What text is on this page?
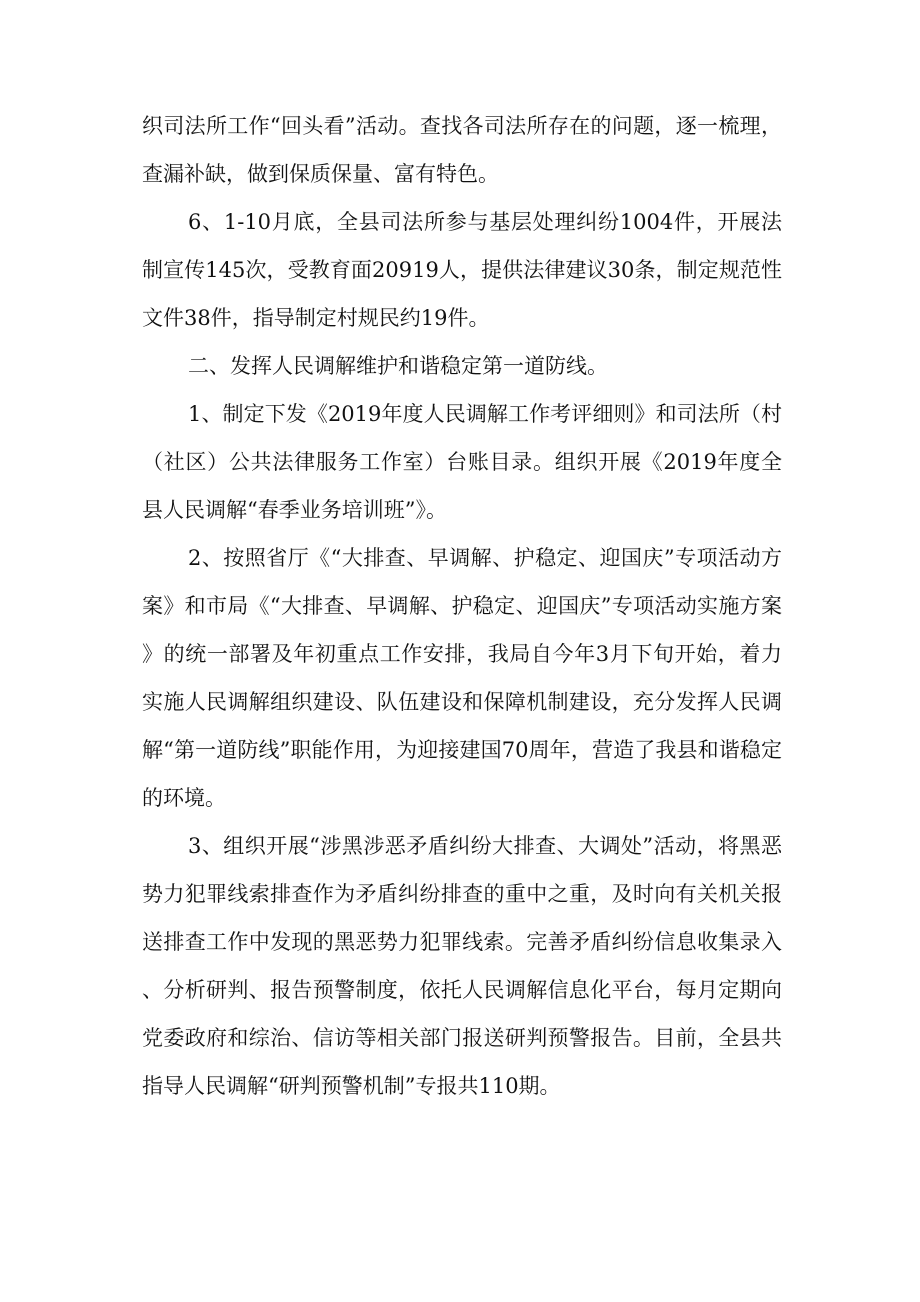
织司法所工作“回头看”活动。查找各司法所存在的问题，逐一梳理，查漏补缺，做到保质保量、富有特色。

6、1-10月底，全县司法所参与基层处理纠纷1004件，开展法制宣传145次，受教育面20919人，提供法律建议30条，制定规范性文件38件，指导制定村规民约19件。

二、发挥人民调解维护和谐稳定第一道防线。

1、制定下发《2019年度人民调解工作考评细则》和司法所（村（社区）公共法律服务工作室）台账目录。组织开展《2019年度全县人民调解“春季业务培训班”》。

2、按照省厅《“大排查、早调解、护稳定、迎国庆”专项活动方案》和市局《“大排查、早调解、护稳定、迎国庆”专项活动实施方案》的统一部署及年初重点工作安排，我局自今年3月下旬开始，着力实施人民调解组织建设、队伍建设和保障机制建设，充分发挥人民调解“第一道防线”职能作用，为迎接建国70周年，营造了我县和谐稳定的环境。

3、组织开展“涉黑涉恶矛盾纠纷大排查、大调处”活动，将黑恶势力犯罪线索排查作为矛盾纠纷排查的重中之重，及时向有关机关报送排查工作中发现的黑恶势力犯罪线索。完善矛盾纠纷信息收集录入、分析研判、报告预警制度，依托人民调解信息化平台，每月定期向党委政府和综治、信访等相关部门报送研判预警报告。目前，全县共指导人民调解“研判预警机制”专报共110期。
